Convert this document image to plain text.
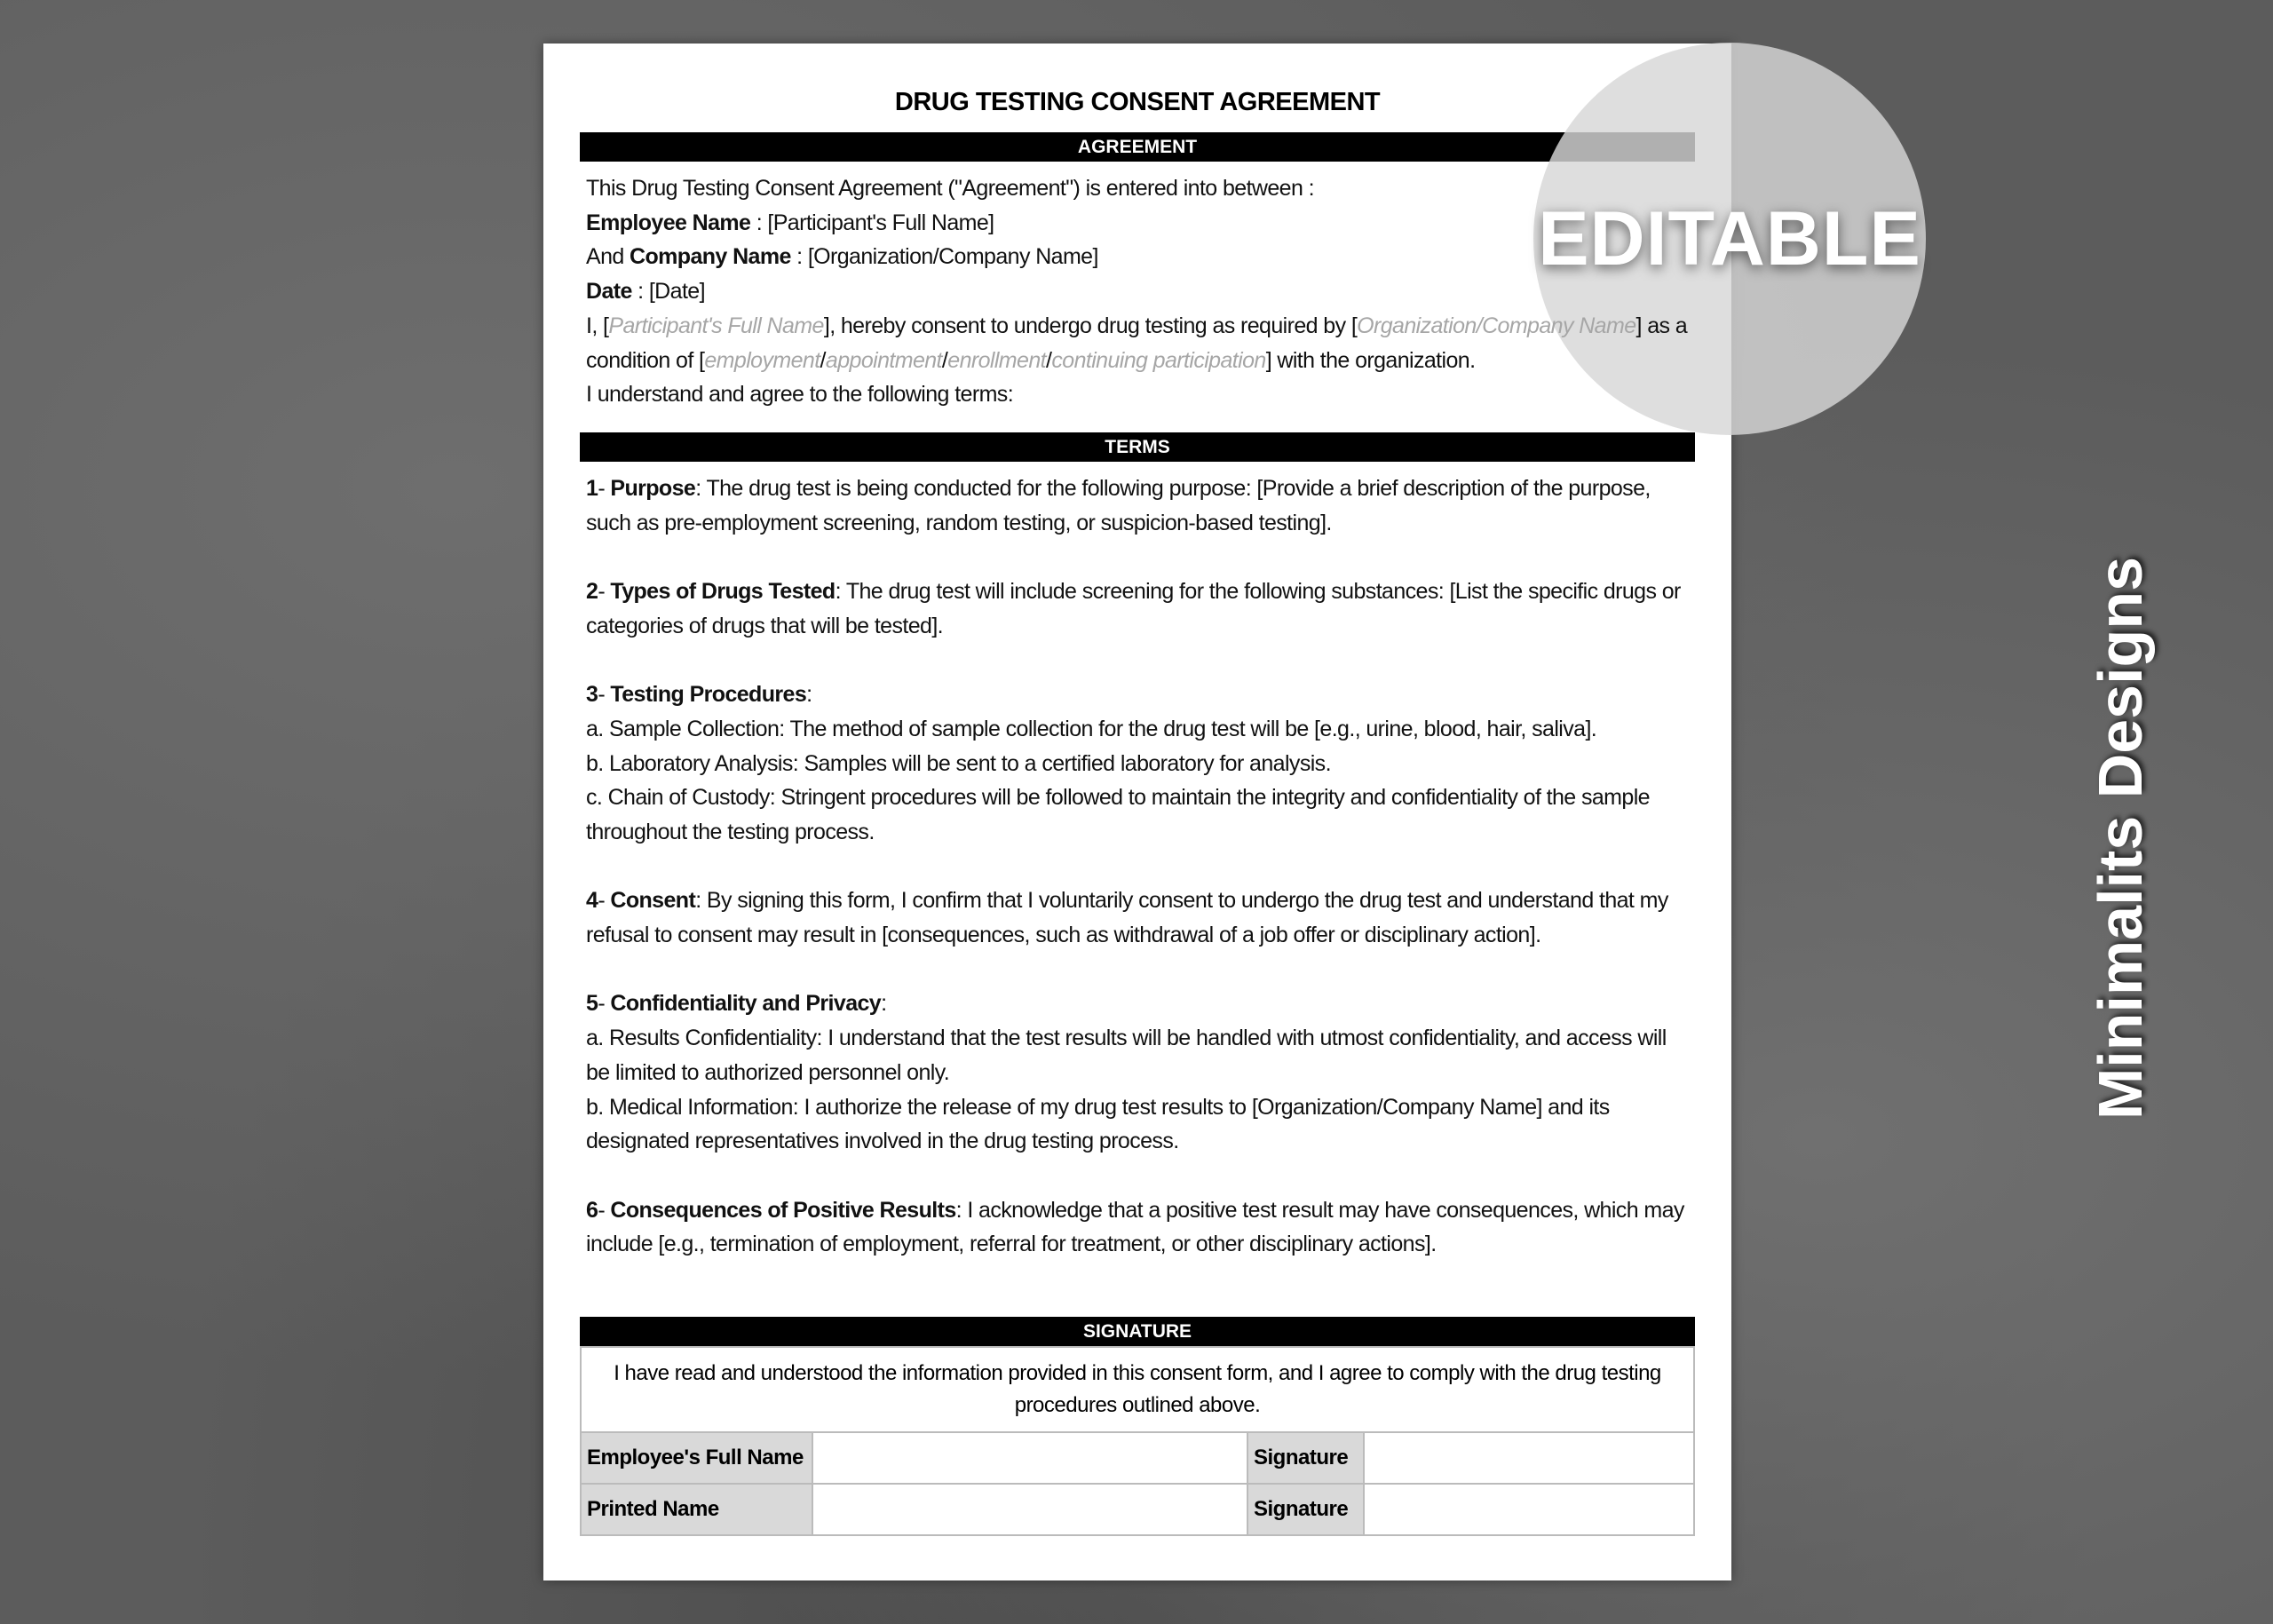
DRUG TESTING CONSENT AGREEMENT
AGREEMENT
This Drug Testing Consent Agreement ("Agreement") is entered into between :
Employee Name : [Participant's Full Name]
And Company Name : [Organization/Company Name]
Date : [Date]
I, [Participant's Full Name], hereby consent to undergo drug testing as required by [Organization/Company Name] as a condition of [employment/appointment/enrollment/continuing participation] with the organization.
I understand and agree to the following terms:
TERMS
1- Purpose: The drug test is being conducted for the following purpose: [Provide a brief description of the purpose, such as pre-employment screening, random testing, or suspicion-based testing].
2- Types of Drugs Tested: The drug test will include screening for the following substances: [List the specific drugs or categories of drugs that will be tested].
3- Testing Procedures:
a. Sample Collection: The method of sample collection for the drug test will be [e.g., urine, blood, hair, saliva].
b. Laboratory Analysis: Samples will be sent to a certified laboratory for analysis.
c. Chain of Custody: Stringent procedures will be followed to maintain the integrity and confidentiality of the sample throughout the testing process.
4- Consent: By signing this form, I confirm that I voluntarily consent to undergo the drug test and understand that my refusal to consent may result in [consequences, such as withdrawal of a job offer or disciplinary action].
5- Confidentiality and Privacy:
a. Results Confidentiality: I understand that the test results will be handled with utmost confidentiality, and access will be limited to authorized personnel only.
b. Medical Information: I authorize the release of my drug test results to [Organization/Company Name] and its designated representatives involved in the drug testing process.
6- Consequences of Positive Results: I acknowledge that a positive test result may have consequences, which may include [e.g., termination of employment, referral for treatment, or other disciplinary actions].
SIGNATURE
I have read and understood the information provided in this consent form, and I agree to comply with the drug testing procedures outlined above.			
Employee's Full Name		Signature	
Printed Name		Signature	
EDITABLE
Minimalits Designs
